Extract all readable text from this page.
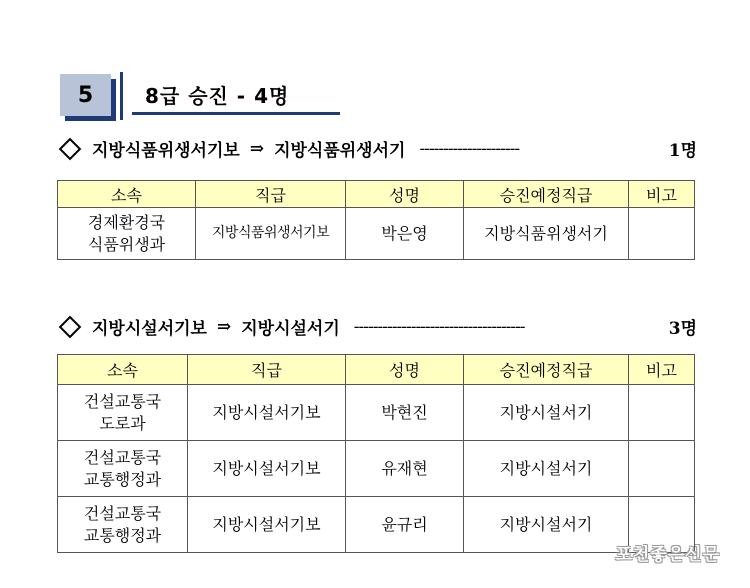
5	8급 승진 - 4명
지방식품위생서기보 ⇒ 지방식품위생서기 ---------------------	1명
소속	직급	성명	승진예정직급	비고
경제환경국
식품위생과	지방식품위생서기보	박은영	지방식품위생서기	
지방시설서기보 ⇒ 지방시설서기 ------------------------------------	3명
소속	직급	성명	승진예정직급	비고
건설교통국
도로과	지방시설서기보	박현진	지방시설서기	
건설교통국
교통행정과	지방시설서기보	유재현	지방시설서기	
건설교통국
교통행정과	지방시설서기보	윤규리	지방시설서기	
포천좋은신문
